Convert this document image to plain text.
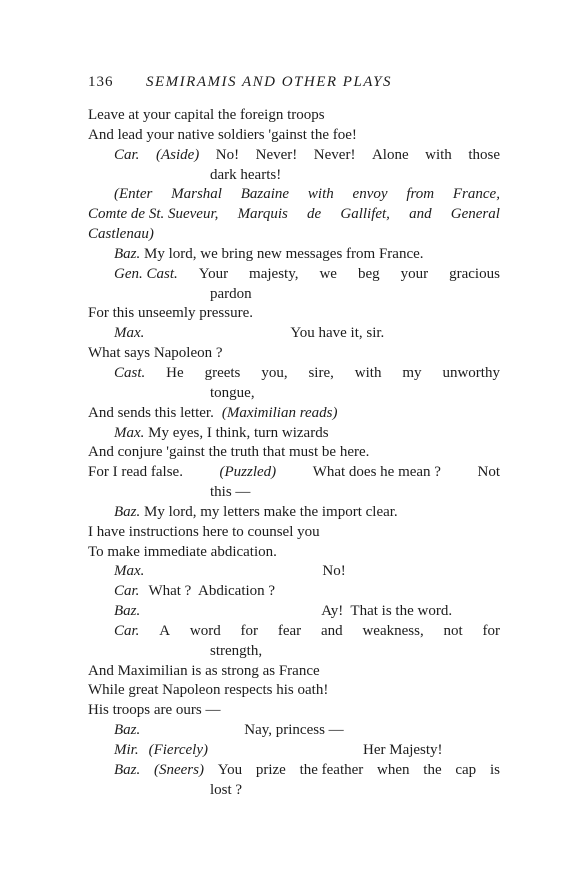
136 SEMIRAMIS AND OTHER PLAYS
Leave at your capital the foreign troops
And lead your native soldiers 'gainst the foe!
Car. (Aside) No! Never! Never! Alone with those
dark hearts!
(Enter Marshal Bazaine with envoy from France,
Comte de St. Sueveur, Marquis de Gallifet, and General
Castlenau)
Baz. My lord, we bring new messages from France.
Gen. Cast. Your majesty, we beg your gracious
pardon
For this unseemly pressure.
Max.	You have it, sir.
What says Napoleon ?
Cast. He greets you, sire, with my unworthy
tongue,
And sends this letter. (Maximilian reads)
Max. My eyes, I think, turn wizards
And conjure 'gainst the truth that must be here.
For I read false. (Puzzled) What does he mean ? Not
this —
Baz. My lord, my letters make the import clear.
I have instructions here to counsel you
To make immediate abdication.
Max.	No!
Car. What ?  Abdication ?
Baz.	Ay!  That is the word.
Car. A word for fear and weakness, not for
strength,
And Maximilian is as strong as France
While great Napoleon respects his oath!
His troops are ours —
Baz.	Nay, princess —
Mir. (Fiercely)	Her Majesty!
Baz. (Sneers) You prize the feather when the cap is
lost ?
